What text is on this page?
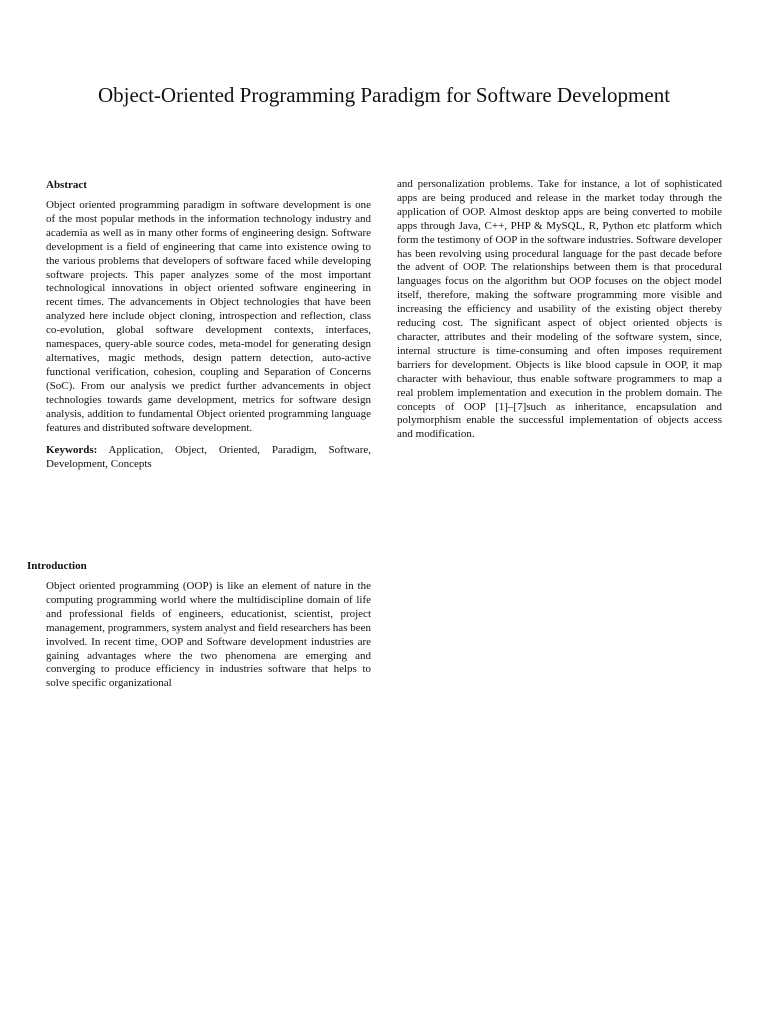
Object-Oriented Programming Paradigm for Software Development

Abstract

Object oriented programming paradigm in software development is one of the most popular methods in the information technology industry and academia as well as in many other forms of engineering design. Software development is a field of engineering that came into existence owing to the various problems that developers of software faced while developing software projects. This paper analyzes some of the most important technological innovations in object oriented software engineering in recent times. The advancements in Object technologies that have been analyzed here include object cloning, introspection and reflection, class co-evolution, global software development contexts, interfaces, namespaces, query-able source codes, meta-model for generating design alternatives, magic methods, design pattern detection, auto-active functional verification, cohesion, coupling and Separation of Concerns (SoC). From our analysis we predict further advancements in object technologies towards game development, metrics for software design analysis, addition to fundamental Object oriented programming language features and distributed software development.

Keywords: Application, Object, Oriented, Paradigm, Software, Development, Concepts

Introduction

Object oriented programming (OOP) is like an element of nature in the computing programming world where the multidiscipline domain of life and professional fields of engineers, educationist, scientist, project management, programmers, system analyst and field researchers has been involved. In recent time, OOP and Software development industries are gaining advantages where the two phenomena are emerging and converging to produce efficiency in industries software that helps to solve specific organizational

and personalization problems. Take for instance, a lot of sophisticated apps are being produced and release in the market today through the application of OOP. Almost desktop apps are being converted to mobile apps through Java, C++, PHP & MySQL, R, Python etc platform which form the testimony of OOP in the software industries. Software developer has been revolving using procedural language for the past decade before the advent of OOP. The relationships between them is that procedural languages focus on the algorithm but OOP focuses on the object model itself, therefore, making the software programming more visible and increasing the efficiency and usability of the existing object thereby reducing cost. The significant aspect of object oriented objects is character, attributes and their modeling of the software system, since, internal structure is time-consuming and often imposes requirement barriers for development. Objects is like blood capsule in OOP, it map character with behaviour, thus enable software programmers to map a real problem implementation and execution in the problem domain. The concepts of OOP [1]–[7]such as inheritance, encapsulation and polymorphism enable the successful implementation of objects access and modification.
